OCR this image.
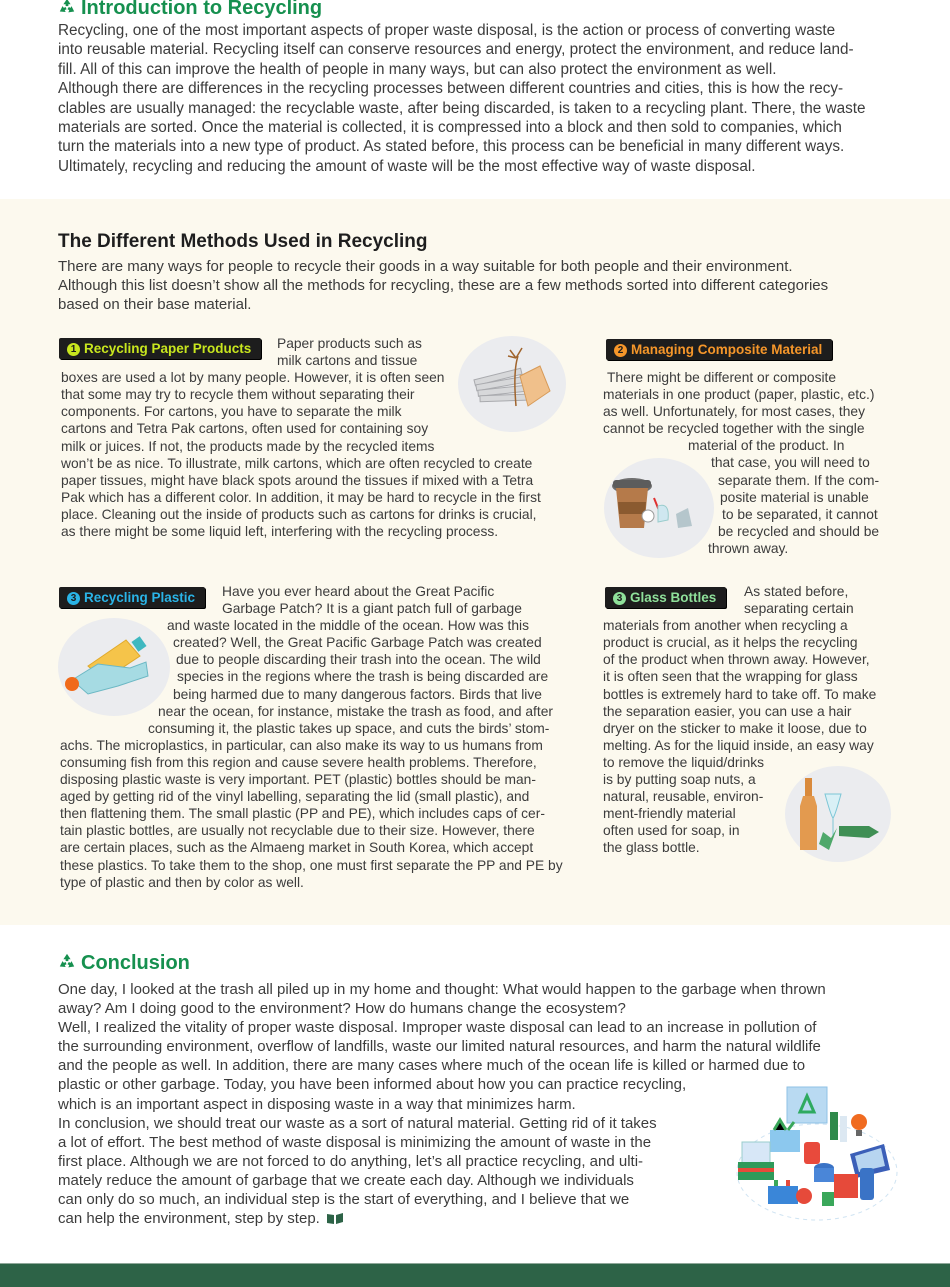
Introduction to Recycling
Recycling, one of the most important aspects of proper waste disposal, is the action or process of converting waste
into reusable material. Recycling itself can conserve resources and energy, protect the environment, and reduce land-
fill. All of this can improve the health of people in many ways, but can also protect the environment as well.
Although there are differences in the recycling processes between different countries and cities, this is how the recy-
clables are usually managed: the recyclable waste, after being discarded, is taken to a recycling plant. There, the waste
materials are sorted. Once the material is collected, it is compressed into a block and then sold to companies, which
turn the materials into a new type of product. As stated before, this process can be beneficial in many different ways.
Ultimately, recycling and reducing the amount of waste will be the most effective way of waste disposal.
The Different Methods Used in Recycling
There are many ways for people to recycle their goods in a way suitable for both people and their environment.
Although this list doesn’t show all the methods for recycling, these are a few methods sorted into different categories
based on their base material.
1 Recycling Paper Products	Paper products such as
milk cartons and tissue
boxes are used a lot by many people. However, it is often seen
that some may try to recycle them without separating their
components. For cartons, you have to separate the milk
cartons and Tetra Pak cartons, often used for containing soy
milk or juices. If not, the products made by the recycled items
won’t be as nice. To illustrate, milk cartons, which are often recycled to create
paper tissues, might have black spots around the tissues if mixed with a Tetra
Pak which has a different color. In addition, it may be hard to recycle in the first
place. Cleaning out the inside of products such as cartons for drinks is crucial,
as there might be some liquid left, interfering with the recycling process.
2 Managing Composite Material
There might be different or composite
materials in one product (paper, plastic, etc.)
as well. Unfortunately, for most cases, they
cannot be recycled together with the single
material of the product. In
that case, you will need to
separate them. If the com-
posite material is unable
to be separated, it cannot
be recycled and should be
thrown away.
3 Recycling Plastic	Have you ever heard about the Great Pacific
Garbage Patch? It is a giant patch full of garbage
and waste located in the middle of the ocean. How was this
created? Well, the Great Pacific Garbage Patch was created
due to people discarding their trash into the ocean. The wild
species in the regions where the trash is being discarded are
being harmed due to many dangerous factors. Birds that live
near the ocean, for instance, mistake the trash as food, and after
consuming it, the plastic takes up space, and cuts the birds’ stom-
achs. The microplastics, in particular, can also make its way to us humans from
consuming fish from this region and cause severe health problems. Therefore,
disposing plastic waste is very important. PET (plastic) bottles should be man-
aged by getting rid of the vinyl labelling, separating the lid (small plastic), and
then flattening them. The small plastic (PP and PE), which includes caps of cer-
tain plastic bottles, are usually not recyclable due to their size. However, there
are certain places, such as the Almaeng market in South Korea, which accept
these plastics. To take them to the shop, one must first separate the PP and PE by
type of plastic and then by color as well.
3 Glass Bottles	As stated before,
separating certain
materials from another when recycling a
product is crucial, as it helps the recycling
of the product when thrown away. However,
it is often seen that the wrapping for glass
bottles is extremely hard to take off. To make
the separation easier, you can use a hair
dryer on the sticker to make it loose, due to
melting. As for the liquid inside, an easy way
to remove the liquid/drinks
is by putting soap nuts, a
natural, reusable, environ-
ment-friendly material
often used for soap, in
the glass bottle.
Conclusion
One day, I looked at the trash all piled up in my home and thought: What would happen to the garbage when thrown
away? Am I doing good to the environment? How do humans change the ecosystem?
Well, I realized the vitality of proper waste disposal. Improper waste disposal can lead to an increase in pollution of
the surrounding environment, overflow of landfills, waste our limited natural resources, and harm the natural wildlife
and the people as well. In addition, there are many cases where much of the ocean life is killed or harmed due to
plastic or other garbage. Today, you have been informed about how you can practice recycling,
which is an important aspect in disposing waste in a way that minimizes harm.
In conclusion, we should treat our waste as a sort of natural material. Getting rid of it takes
a lot of effort. The best method of waste disposal is minimizing the amount of waste in the
first place. Although we are not forced to do anything, let’s all practice recycling, and ulti-
mately reduce the amount of garbage that we create each day. Although we individuals
can only do so much, an individual step is the start of everything, and I believe that we
can help the environment, step by step.
